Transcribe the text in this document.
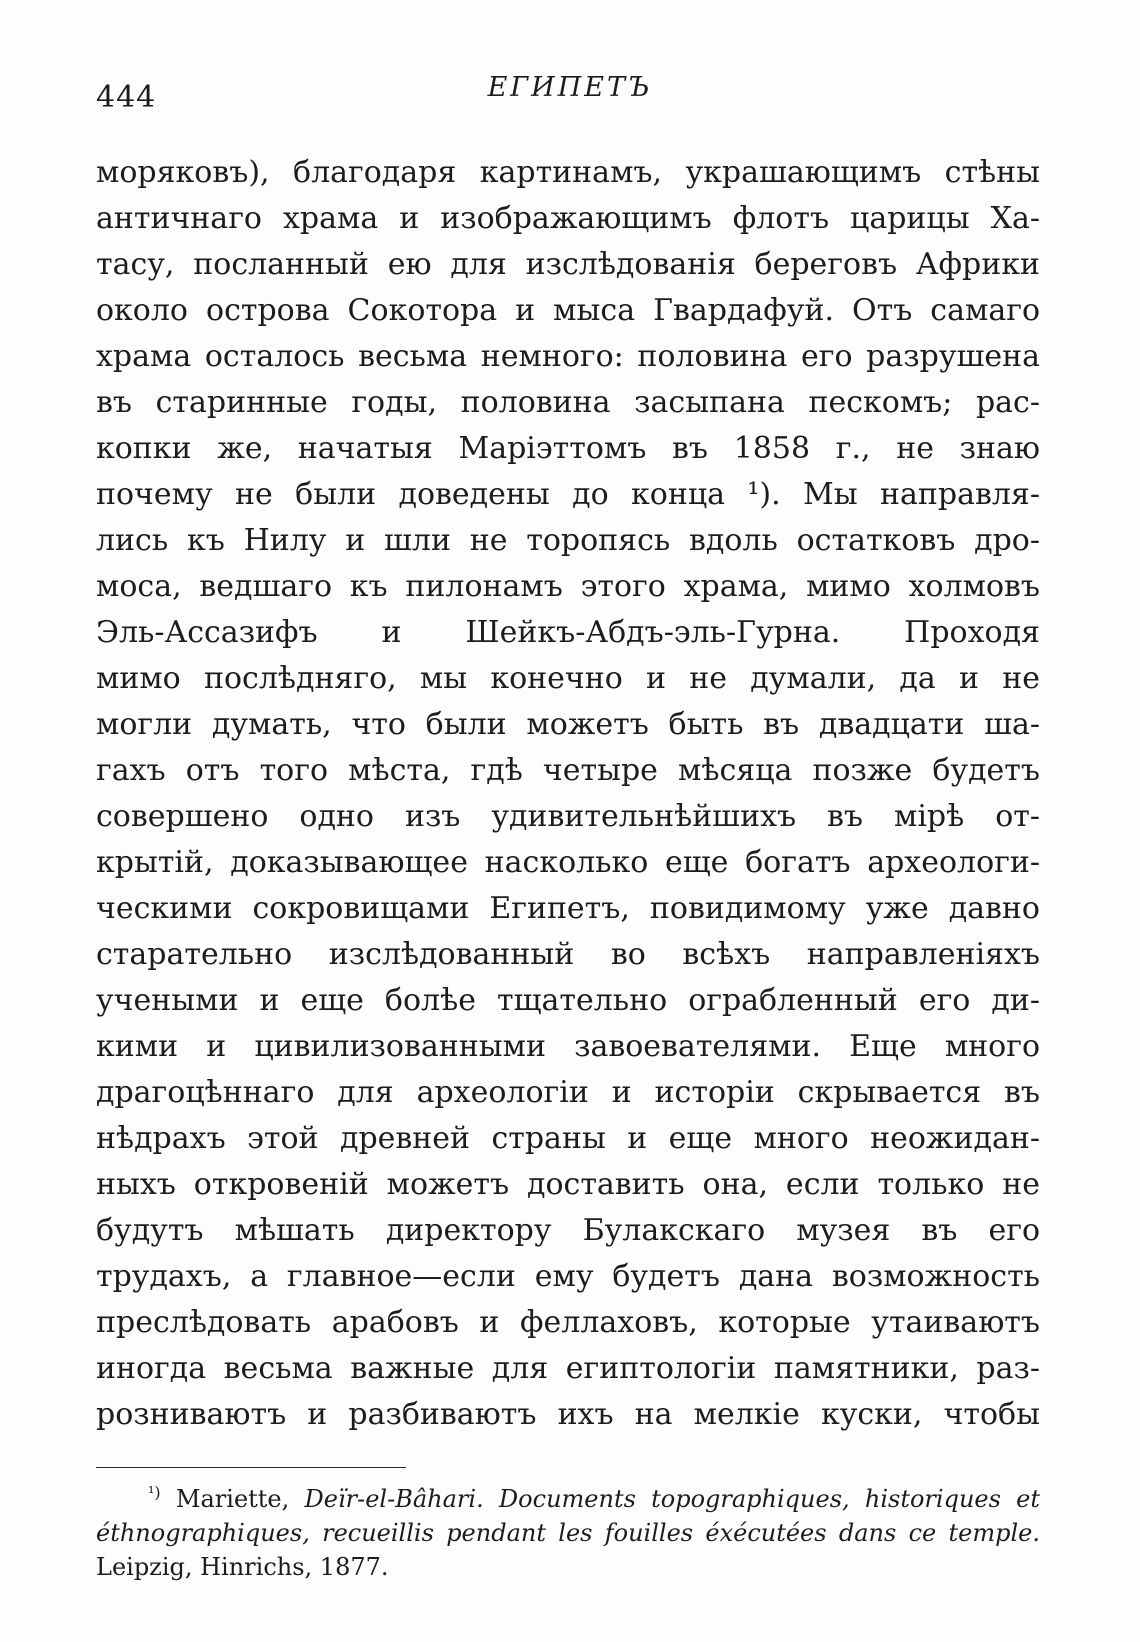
444	ЕГИПЕТЪ
моряковъ), благодаря картинамъ, украшающимъ стѣны
античнаго храма и изображающимъ флотъ царицы Ха-
тасу, посланный ею для изслѣдованія береговъ Африки
около острова Сокотора и мыса Гвардафуй. Отъ самаго
храма осталось весьма немного: половина его разрушена
въ старинные годы, половина засыпана пескомъ; рас-
копки же, начатыя Маріэттомъ въ 1858 г., не знаю
почему не были доведены до конца ¹). Мы направля-
лись къ Нилу и шли не торопясь вдоль остатковъ дро-
моса, ведшаго къ пилонамъ этого храма, мимо холмовъ
Эль-Ассазифъ и Шейкъ-Абдъ-эль-Гурна. Проходя
мимо послѣдняго, мы конечно и не думали, да и не
могли думать, что были можетъ быть въ двадцати ша-
гахъ отъ того мѣста, гдѣ четыре мѣсяца позже будетъ
совершено одно изъ удивительнѣйшихъ въ мірѣ от-
крытій, доказывающее насколько еще богатъ археологи-
ческими сокровищами Египетъ, повидимому уже давно
старательно изслѣдованный во всѣхъ направленіяхъ
учеными и еще болѣе тщательно ограбленный его ди-
кими и цивилизованными завоевателями. Еще много
драгоцѣннаго для археологіи и исторіи скрывается въ
нѣдрахъ этой древней страны и еще много неожидан-
ныхъ откровеній можетъ доставить она, если только не
будутъ мѣшать директору Булакскаго музея въ его
трудахъ, а главное—если ему будетъ дана возможность
преслѣдовать арабовъ и феллаховъ, которые утаиваютъ
иногда весьма важные для египтологіи памятники, раз-
розниваютъ и разбиваютъ ихъ на мелкіе куски, чтобы
$^{^1)}$ Mariette, Deïr-el-Bâhari. Documents topographiques, historiques et
éthnographiques, recueillis pendant les fouilles éxécutées dans ce temple.
Leipzig, Hinrichs, 1877.
